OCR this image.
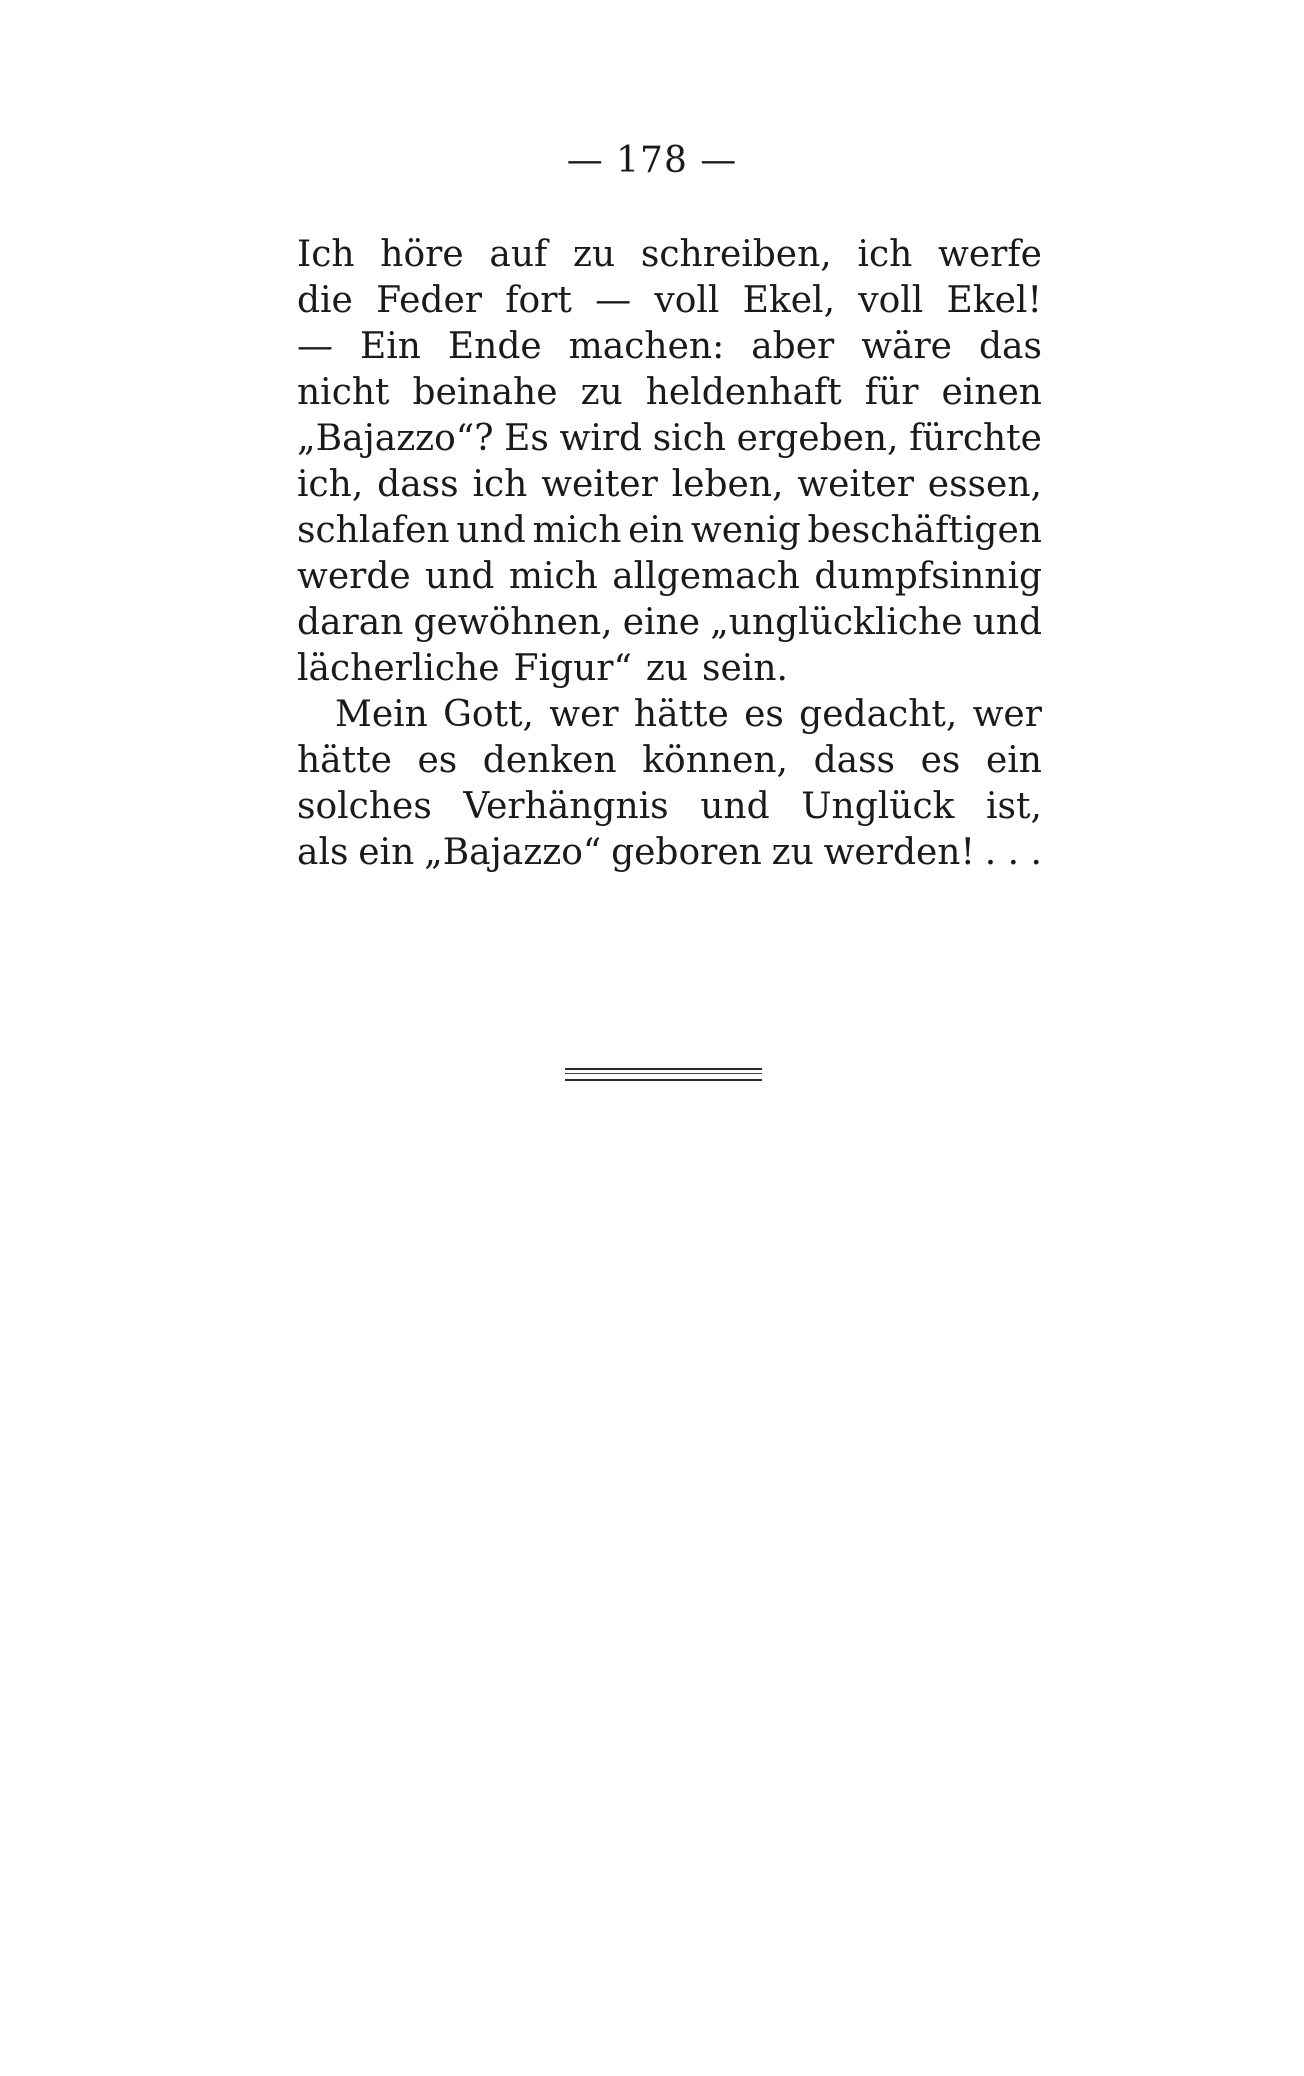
— 178 —
Ich höre auf zu schreiben, ich werfe
die Feder fort — voll Ekel, voll Ekel!
— Ein Ende machen: aber wäre das
nicht beinahe zu heldenhaft für einen
„Bajazzo“? Es wird sich ergeben, fürchte
ich, dass ich weiter leben, weiter essen,
schlafen und mich ein wenig beschäftigen
werde und mich allgemach dumpfsinnig
daran gewöhnen, eine „unglückliche und
lächerliche Figur“ zu sein.
Mein Gott, wer hätte es gedacht, wer
hätte es denken können, dass es ein
solches Verhängnis und Unglück ist,
als ein „Bajazzo“ geboren zu werden! . . .
